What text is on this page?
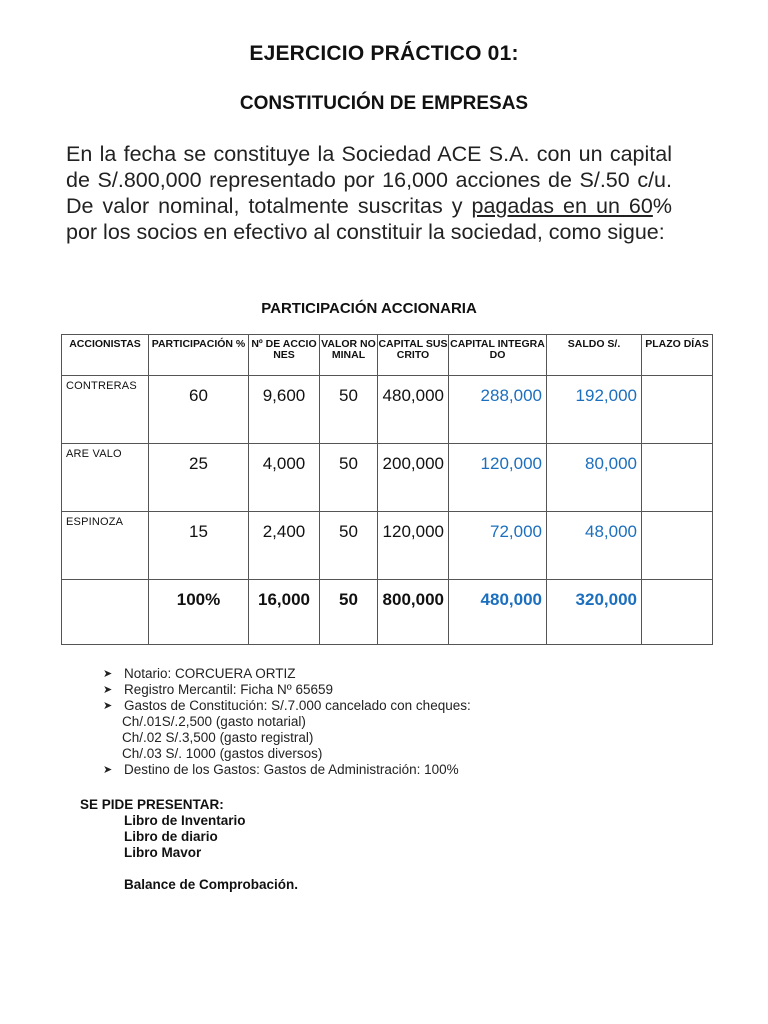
EJERCICIO PRÁCTICO 01:
CONSTITUCIÓN DE EMPRESAS
En la fecha se constituye la Sociedad ACE S.A. con un capital de S/.800,000 representado por 16,000 acciones de S/.50 c/u. De valor nominal, totalmente suscritas y pagadas en un 60% por los socios en efectivo al constituir la sociedad, como sigue:
PARTICIPACIÓN ACCIONARIA
ACCIONISTAS	PARTICIPACIÓN %	Nº DE ACCIONES	VALOR NOMINAL	CAPITAL SUSCRITO	CAPITAL INTEGRADO	SALDO S/.	PLAZO DÍAS
CONTRERAS	60	9,600	50	480,000	288,000	192,000	
ARE VALO	25	4,000	50	200,000	120,000	80,000	
ESPINOZA	15	2,400	50	120,000	72,000	48,000	
	100%	16,000	50	800,000	480,000	320,000	
➤ Notario: CORCUERA ORTIZ
➤ Registro Mercantil: Ficha Nº 65659
➤ Gastos de Constitución: S/.7.000 cancelado con cheques:
Ch/.01S/.2,500 (gasto notarial)
Ch/.02 S/.3,500 (gasto registral)
Ch/.03 S/. 1000 (gastos diversos)
➤ Destino de los Gastos: Gastos de Administración: 100%
SE PIDE PRESENTAR:
Libro de Inventario
Libro de diario
Libro Mavor
Balance de Comprobación.
